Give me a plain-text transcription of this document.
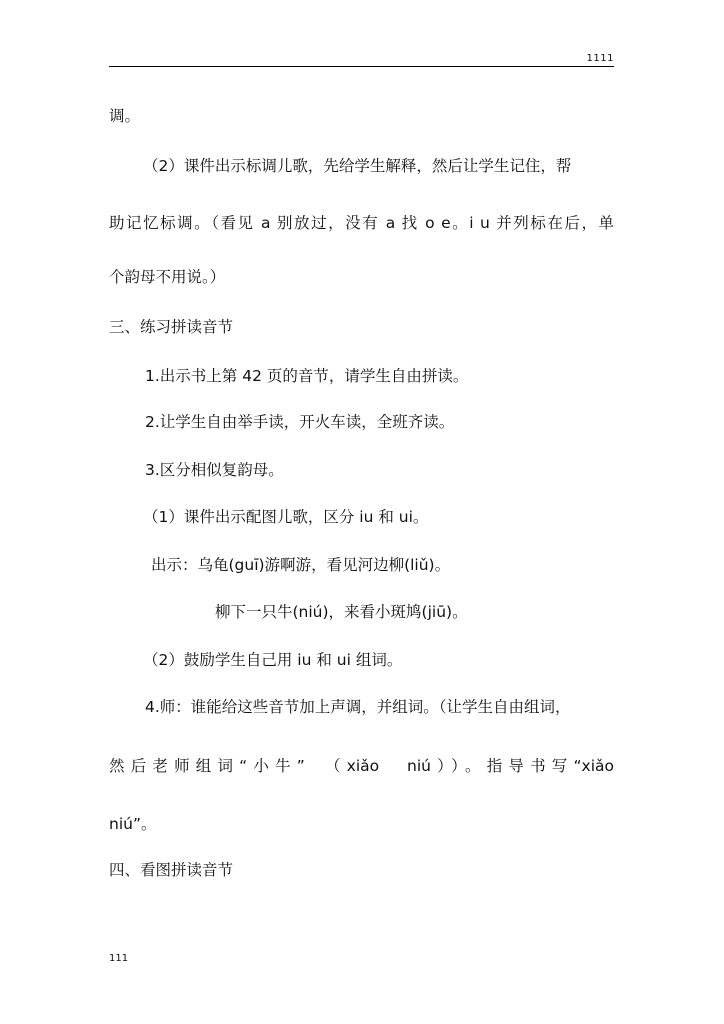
1111
调。
（2）课件出示标调儿歌，先给学生解释，然后让学生记住，帮
助记忆标调。（看见 a 别放过，没有 a 找 o e。i u 并列标在后，单
个韵母不用说。）
三、练习拼读音节
1.出示书上第 42 页的音节，请学生自由拼读。
2.让学生自由举手读，开火车读，全班齐读。
3.区分相似复韵母。
（1）课件出示配图儿歌，区分 iu 和 ui。
出示：乌龟(guī)游啊游，看见河边柳(liǔ)。
柳下一只牛(niú)，来看小斑鸠(jiū)。
（2）鼓励学生自己用 iu 和 ui 组词。
4.师：谁能给这些音节加上声调，并组词。（让学生自由组词，
然后老师组词“小牛”　（xiǎo　niú））。指导书写“xiǎo
niú”。
四、看图拼读音节
111
